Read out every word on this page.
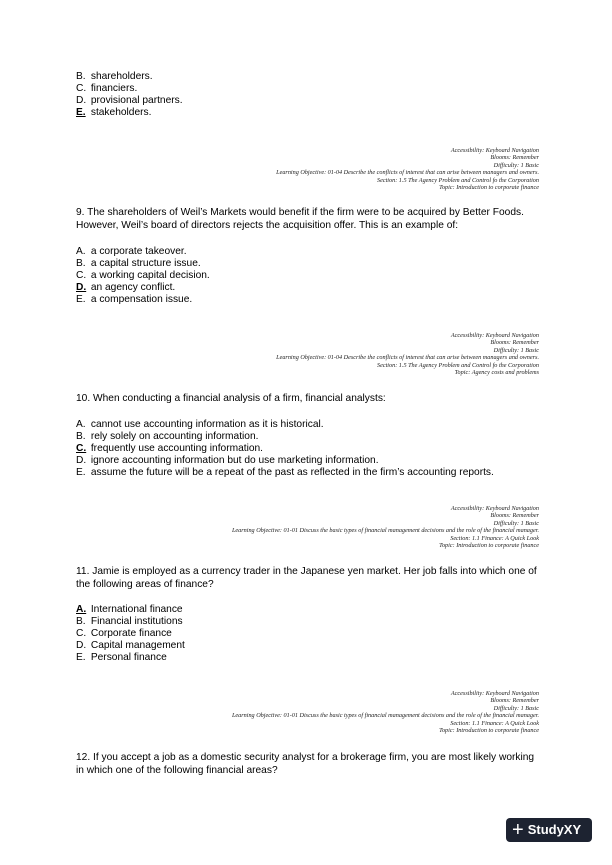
B. shareholders.
C. financiers.
D. provisional partners.
E. stakeholders.
Accessibility: Keyboard Navigation
Blooms: Remember
Difficulty: 1 Basic
Learning Objective: 01-04 Describe the conflicts of interest that can arise between managers and owners.
Section: 1.5 The Agency Problem and Control fo the Corporation
Topic: Introduction to corporate finance
9. The shareholders of Weil’s Markets would benefit if the firm were to be acquired by Better Foods. However, Weil’s board of directors rejects the acquisition offer. This is an example of:
A. a corporate takeover.
B. a capital structure issue.
C. a working capital decision.
D. an agency conflict.
E. a compensation issue.
Accessibility: Keyboard Navigation
Blooms: Remember
Difficulty: 1 Basic
Learning Objective: 01-04 Describe the conflicts of interest that can arise between managers and owners.
Section: 1.5 The Agency Problem and Control fo the Corporation
Topic: Agency costs and problems
10. When conducting a financial analysis of a firm, financial analysts:
A. cannot use accounting information as it is historical.
B. rely solely on accounting information.
C. frequently use accounting information.
D. ignore accounting information but do use marketing information.
E. assume the future will be a repeat of the past as reflected in the firm’s accounting reports.
Accessibility: Keyboard Navigation
Blooms: Remember
Difficulty: 1 Basic
Learning Objective: 01-01 Discuss the basic types of financial management decisions and the role of the financial manager.
Section: 1.1 Finance: A Quick Look
Topic: Introduction to corporate finance
11. Jamie is employed as a currency trader in the Japanese yen market. Her job falls into which one of the following areas of finance?
A. International finance
B. Financial institutions
C. Corporate finance
D. Capital management
E. Personal finance
Accessibility: Keyboard Navigation
Blooms: Remember
Difficulty: 1 Basic
Learning Objective: 01-01 Discuss the basic types of financial management decisions and the role of the financial manager.
Section: 1.1 Finance: A Quick Look
Topic: Introduction to corporate finance
12. If you accept a job as a domestic security analyst for a brokerage firm, you are most likely working in which one of the following financial areas?
+ StudyXY
